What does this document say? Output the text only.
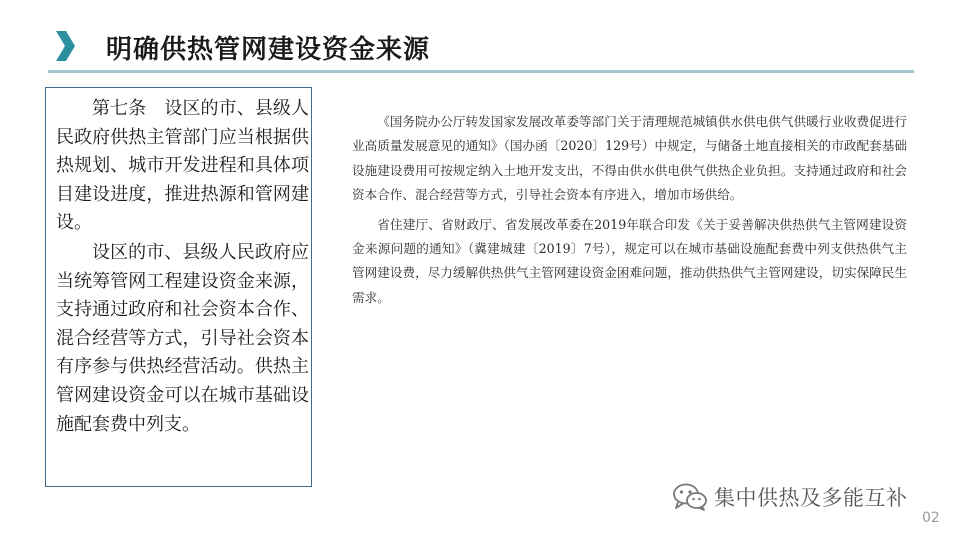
明确供热管网建设资金来源

第七条　设区的市、县级人民政府供热主管部门应当根据供热规划、城市开发进程和具体项目建设进度，推进热源和管网建设。

设区的市、县级人民政府应当统筹管网工程建设资金来源，支持通过政府和社会资本合作、混合经营等方式，引导社会资本有序参与供热经营活动。供热主管网建设资金可以在城市基础设施配套费中列支。

《国务院办公厅转发国家发展改革委等部门关于清理规范城镇供水供电供气供暖行业收费促进行业高质量发展意见的通知》（国办函〔2020〕129号）中规定，与储备土地直接相关的市政配套基础设施建设费用可按规定纳入土地开发支出，不得由供水供电供气供热企业负担。支持通过政府和社会资本合作、混合经营等方式，引导社会资本有序进入，增加市场供给。

省住建厅、省财政厅、省发展改革委在2019年联合印发《关于妥善解决供热供气主管网建设资金来源问题的通知》（冀建城建〔2019〕7号），规定可以在城市基础设施配套费中列支供热供气主管网建设费，尽力缓解供热供气主管网建设资金困难问题，推动供热供气主管网建设，切实保障民生需求。

集中供热及多能互补
02
